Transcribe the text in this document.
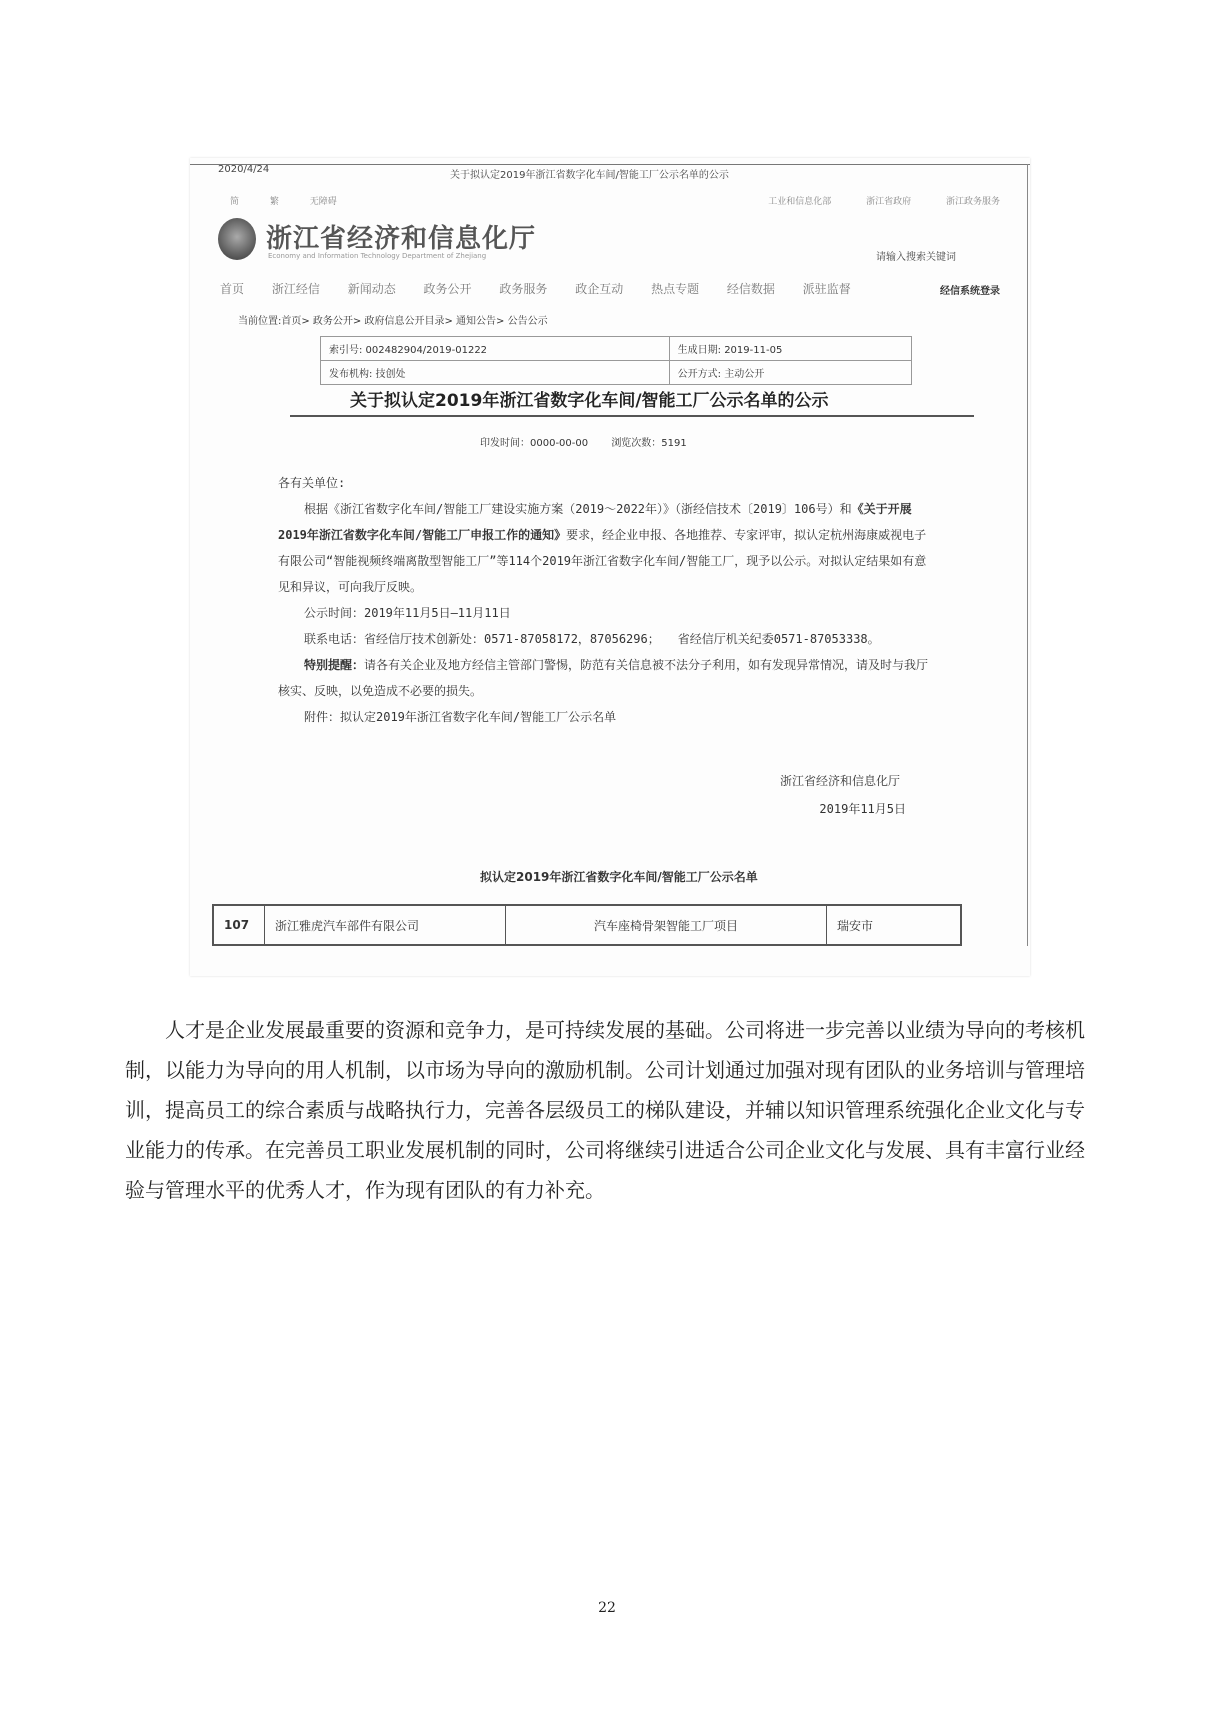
2020/4/24
关于拟认定2019年浙江省数字化车间/智能工厂公示名单的公示
简	繁	无障碍	工业和信息化部	浙江省政府	浙江政务服务
浙江省经济和信息化厅
Economy and Information Technology Department of Zhejiang	请输入搜索关键词
首页 浙江经信 新闻动态 政务公开 政务服务 政企互动 热点专题 经信数据 派驻监督	经信系统登录
当前位置:首页> 政务公开> 政府信息公开目录> 通知公告> 公告公示
索引号: 002482904/2019-01222	生成日期: 2019-11-05
发布机构: 技创处	公开方式: 主动公开
关于拟认定2019年浙江省数字化车间/智能工厂公示名单的公示
印发时间：0000-00-00 浏览次数：5191

各有关单位:

根据《浙江省数字化车间/智能工厂建设实施方案（2019～2022年）》（浙经信技术〔2019〕106号）和《关于开展2019年浙江省数字化车间/智能工厂申报工作的通知》要求，经企业申报、各地推荐、专家评审，拟认定杭州海康威视电子有限公司“智能视频终端离散型智能工厂”等114个2019年浙江省数字化车间/智能工厂，现予以公示。对拟认定结果如有意见和异议，可向我厅反映。

公示时间：2019年11月5日—11月11日

联系电话：省经信厅技术创新处：0571-87058172，87056296；　　省经信厅机关纪委0571-87053338。

特别提醒：请各有关企业及地方经信主管部门警惕，防范有关信息被不法分子利用，如有发现异常情况，请及时与我厅核实、反映，以免造成不必要的损失。

附件：拟认定2019年浙江省数字化车间/智能工厂公示名单

浙江省经济和信息化厅
2019年11月5日
拟认定2019年浙江省数字化车间/智能工厂公示名单
107	浙江雅虎汽车部件有限公司	汽车座椅骨架智能工厂项目	瑞安市

人才是企业发展最重要的资源和竞争力，是可持续发展的基础。公司将进一步完善以业绩为导向的考核机制，以能力为导向的用人机制，以市场为导向的激励机制。公司计划通过加强对现有团队的业务培训与管理培训，提高员工的综合素质与战略执行力，完善各层级员工的梯队建设，并辅以知识管理系统强化企业文化与专业能力的传承。在完善员工职业发展机制的同时，公司将继续引进适合公司企业文化与发展、具有丰富行业经验与管理水平的优秀人才，作为现有团队的有力补充。

22
